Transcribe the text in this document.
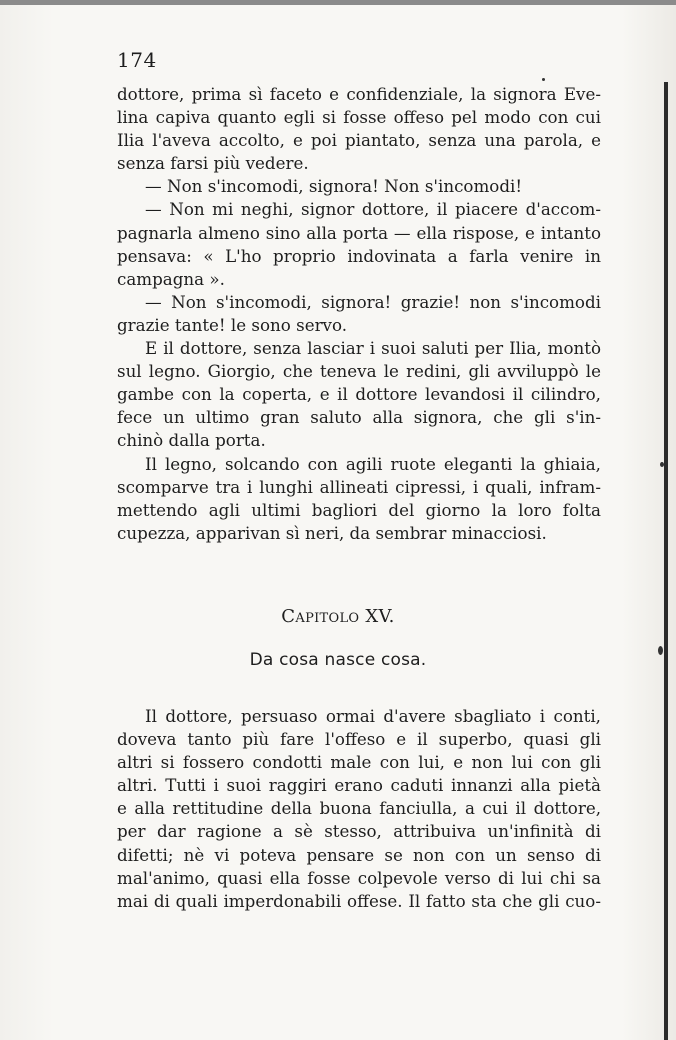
174
dottore, prima sì faceto e confidenziale, la signora Eve-
lina capiva quanto egli si fosse offeso pel modo con cui
Ilia l'aveva accolto, e poi piantato, senza una parola, e
senza farsi più vedere.
— Non s'incomodi, signora! Non s'incomodi!
— Non mi neghi, signor dottore, il piacere d'accom-
pagnarla almeno sino alla porta — ella rispose, e intanto
pensava: « L'ho proprio indovinata a farla venire in
campagna ».
— Non s'incomodi, signora! grazie! non s'incomodi
grazie tante! le sono servo.
E il dottore, senza lasciar i suoi saluti per Ilia, montò
sul legno. Giorgio, che teneva le redini, gli avviluppò le
gambe con la coperta, e il dottore levandosi il cilindro,
fece un ultimo gran saluto alla signora, che gli s'in-
chinò dalla porta.
Il legno, solcando con agili ruote eleganti la ghiaia,
scomparve tra i lunghi allineati cipressi, i quali, infram-
mettendo agli ultimi bagliori del giorno la loro folta
cupezza, apparivan sì neri, da sembrar minacciosi.
Capitolo XV.
Da cosa nasce cosa.
Il dottore, persuaso ormai d'avere sbagliato i conti,
doveva tanto più fare l'offeso e il superbo, quasi gli
altri si fossero condotti male con lui, e non lui con gli
altri. Tutti i suoi raggiri erano caduti innanzi alla pietà
e alla rettitudine della buona fanciulla, a cui il dottore,
per dar ragione a sè stesso, attribuiva un'infinità di
difetti; nè vi poteva pensare se non con un senso di
mal'animo, quasi ella fosse colpevole verso di lui chi sa
mai di quali imperdonabili offese. Il fatto sta che gli cuo-
